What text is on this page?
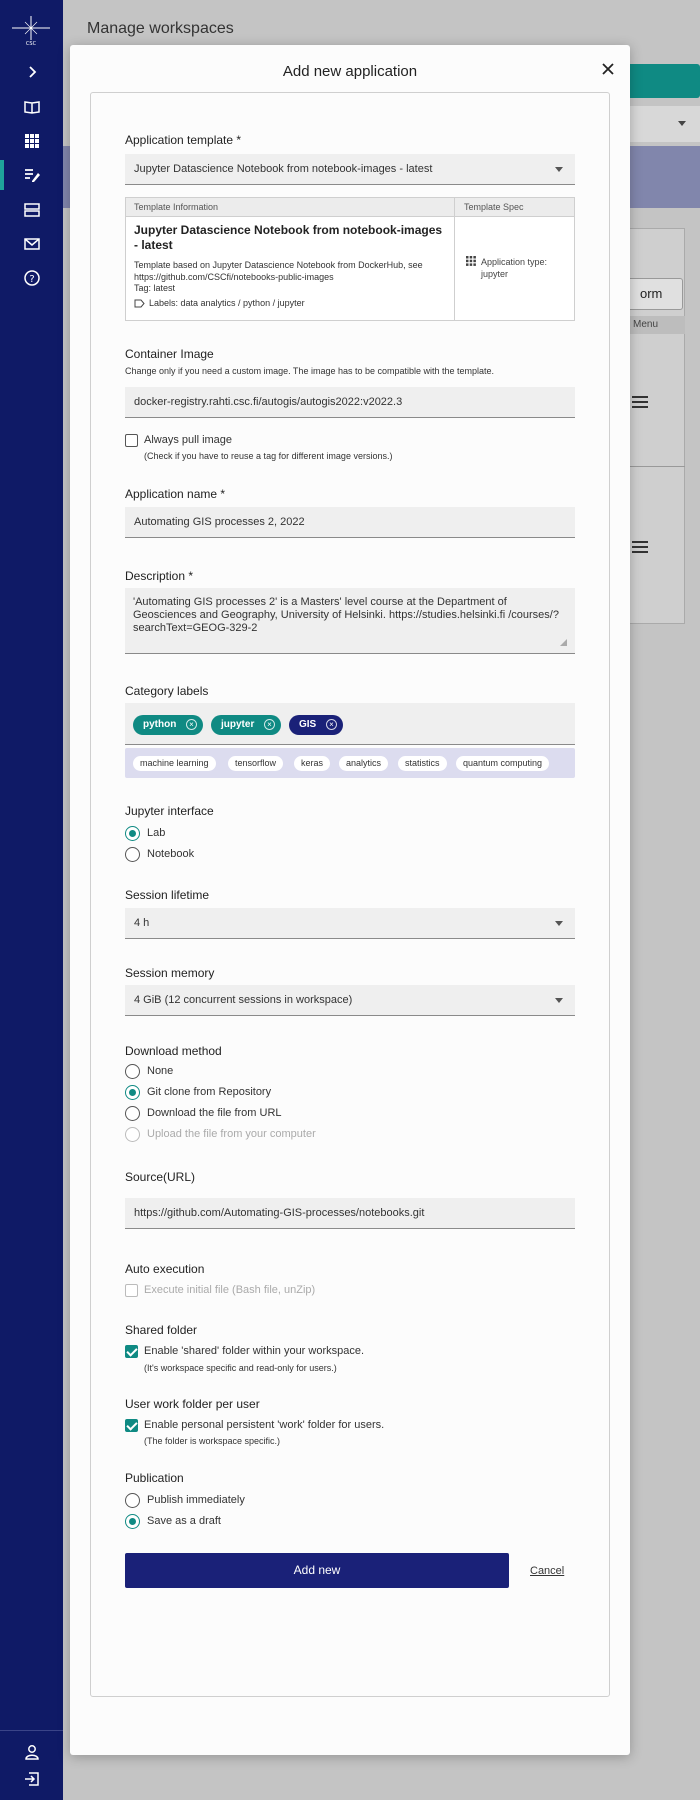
CSC
?
Manage workspaces
orm
Menu
Add new application
Application template *
Jupyter Datascience Notebook from notebook-images - latest
Template Information	Template Spec
Jupyter Datascience Notebook from notebook-images - latest
Template based on Jupyter Datascience Notebook from DockerHub, see https://github.com/CSCfi/notebooks-public-images
Tag: latest
Labels: data analytics / python / jupyter
Application type:
jupyter
Container Image
Change only if you need a custom image. The image has to be compatible with the template.
docker-registry.rahti.csc.fi/autogis/autogis2022:v2022.3
Always pull image
(Check if you have to reuse a tag for different image versions.)
Application name *
Automating GIS processes 2, 2022
Description *
'Automating GIS processes 2' is a Masters' level course at the Department of Geosciences and Geography, University of Helsinki. https://studies.helsinki.fi /courses/?searchText=GEOG-329-2
Category labels
python	×	jupyter	×	GIS	×
machine learning	tensorflow	keras	analytics	statistics	quantum computing
Jupyter interface
Lab
Notebook
Session lifetime
4 h
Session memory
4 GiB (12 concurrent sessions in workspace)
Download method
None
Git clone from Repository
Download the file from URL
Upload the file from your computer
Source(URL)
https://github.com/Automating-GIS-processes/notebooks.git
Auto execution
Execute initial file (Bash file, unZip)
Shared folder
Enable 'shared' folder within your workspace.
(It's workspace specific and read-only for users.)
User work folder per user
Enable personal persistent 'work' folder for users.
(The folder is workspace specific.)
Publication
Publish immediately
Save as a draft
Add new	Cancel
